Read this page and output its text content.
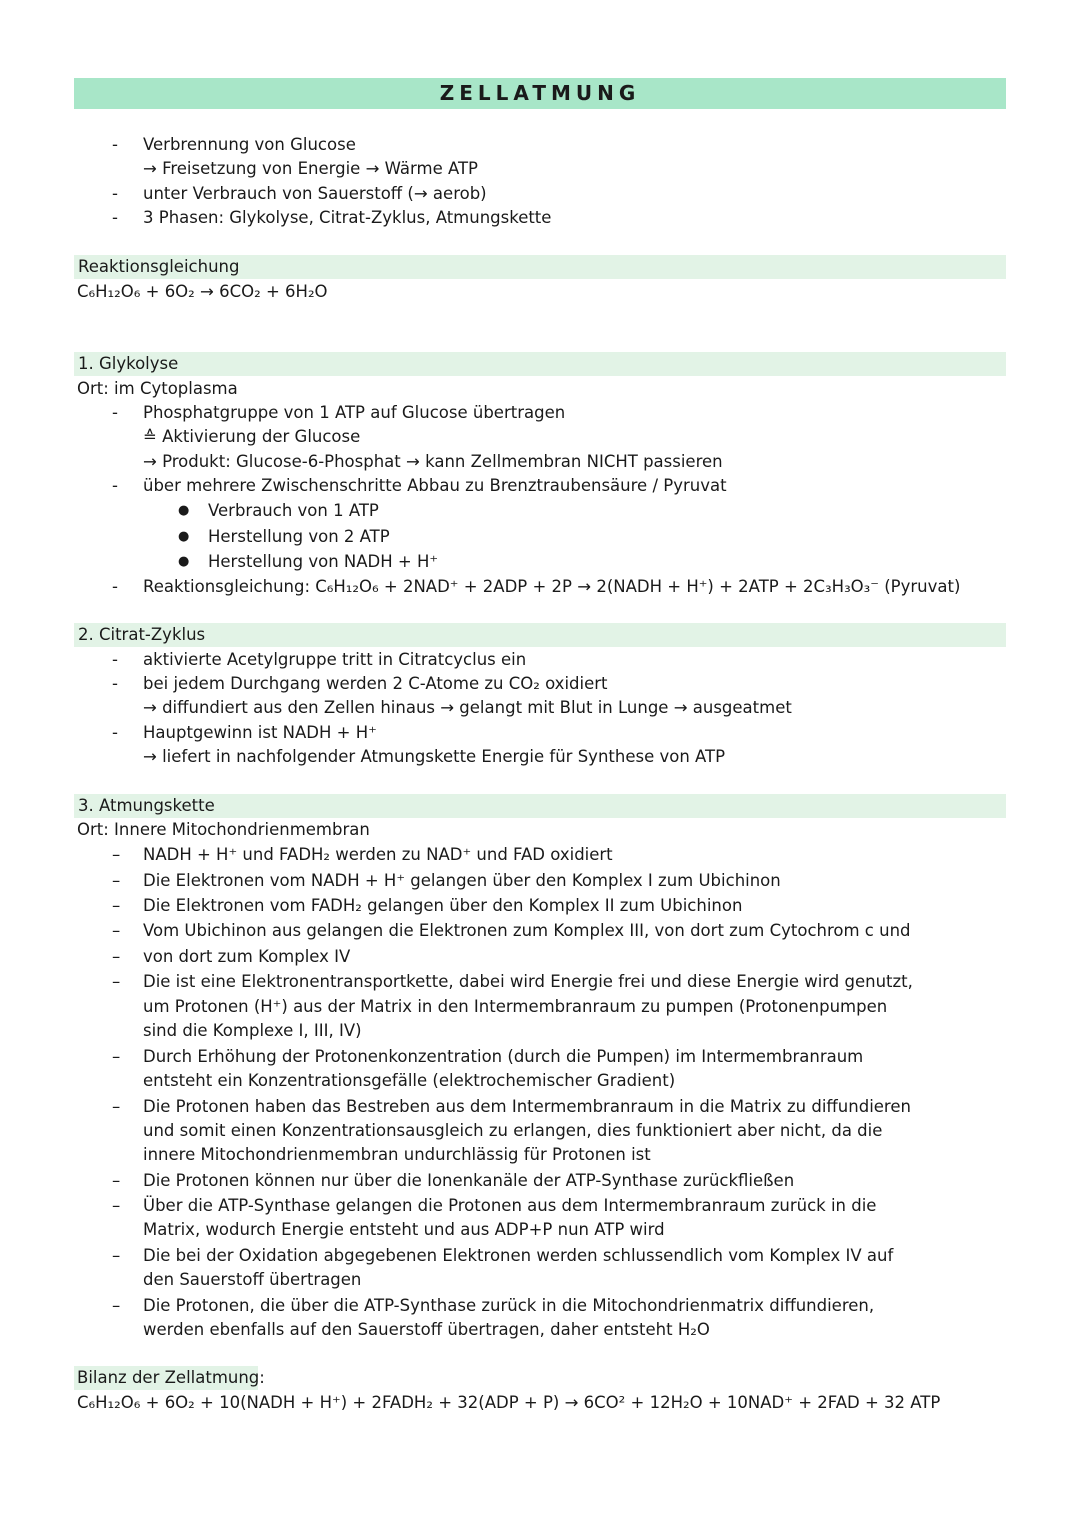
ZELLATMUNG
- Verbrennung von Glucose
→ Freisetzung von Energie → Wärme ATP
- unter Verbrauch von Sauerstoff (→ aerob)
- 3 Phasen: Glykolyse, Citrat-Zyklus, Atmungskette
Reaktionsgleichung
C₆H₁₂O₆ + 6O₂ → 6CO₂ + 6H₂O
1. Glykolyse
Ort: im Cytoplasma
- Phosphatgruppe von 1 ATP auf Glucose übertragen
≙ Aktivierung der Glucose
→ Produkt: Glucose-6-Phosphat → kann Zellmembran NICHT passieren
- über mehrere Zwischenschritte Abbau zu Brenztraubensäure / Pyruvat
● Verbrauch von 1 ATP
● Herstellung von 2 ATP
● Herstellung von NADH + H⁺
- Reaktionsgleichung: C₆H₁₂O₆ + 2NAD⁺ + 2ADP + 2P → 2(NADH + H⁺) + 2ATP + 2C₃H₃O₃⁻ (Pyruvat)
2. Citrat-Zyklus
- aktivierte Acetylgruppe tritt in Citratcyclus ein
- bei jedem Durchgang werden 2 C-Atome zu CO₂ oxidiert
→ diffundiert aus den Zellen hinaus → gelangt mit Blut in Lunge → ausgeatmet
- Hauptgewinn ist NADH + H⁺
→ liefert in nachfolgender Atmungskette Energie für Synthese von ATP
3. Atmungskette
Ort: Innere Mitochondrienmembran
– NADH + H⁺ und FADH₂ werden zu NAD⁺ und FAD oxidiert
– Die Elektronen vom NADH + H⁺ gelangen über den Komplex I zum Ubichinon
– Die Elektronen vom FADH₂ gelangen über den Komplex II zum Ubichinon
– Vom Ubichinon aus gelangen die Elektronen zum Komplex III, von dort zum Cytochrom c und
– von dort zum Komplex IV
– Die ist eine Elektronentransportkette, dabei wird Energie frei und diese Energie wird genutzt,
um Protonen (H⁺) aus der Matrix in den Intermembranraum zu pumpen (Protonenpumpen
sind die Komplexe I, III, IV)
– Durch Erhöhung der Protonenkonzentration (durch die Pumpen) im Intermembranraum
entsteht ein Konzentrationsgefälle (elektrochemischer Gradient)
– Die Protonen haben das Bestreben aus dem Intermembranraum in die Matrix zu diffundieren
und somit einen Konzentrationsausgleich zu erlangen, dies funktioniert aber nicht, da die
innere Mitochondrienmembran undurchlässig für Protonen ist
– Die Protonen können nur über die Ionenkanäle der ATP-Synthase zurückfließen
– Über die ATP-Synthase gelangen die Protonen aus dem Intermembranraum zurück in die
Matrix, wodurch Energie entsteht und aus ADP+P nun ATP wird
– Die bei der Oxidation abgegebenen Elektronen werden schlussendlich vom Komplex IV auf
den Sauerstoff übertragen
– Die Protonen, die über die ATP-Synthase zurück in die Mitochondrienmatrix diffundieren,
werden ebenfalls auf den Sauerstoff übertragen, daher entsteht H₂O
Bilanz der Zellatmung:
C₆H₁₂O₆ + 6O₂ + 10(NADH + H⁺) + 2FADH₂ + 32(ADP + P) → 6CO² + 12H₂O + 10NAD⁺ + 2FAD + 32 ATP
